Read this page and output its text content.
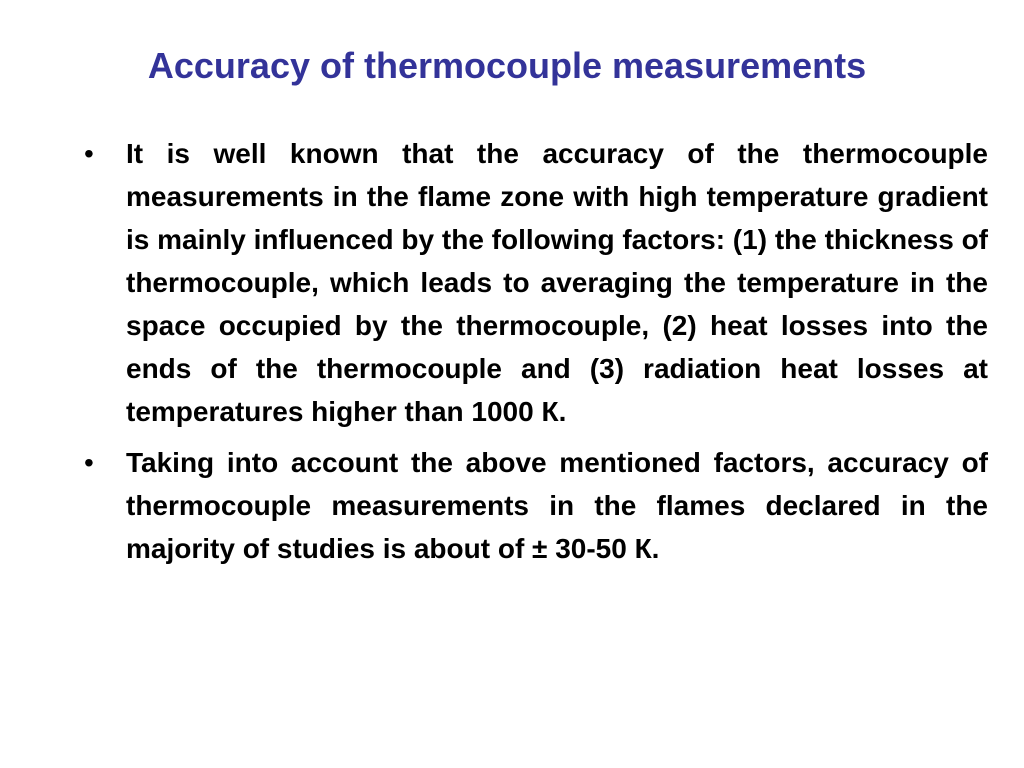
Accuracy of thermocouple measurements
•	It is well known that the accuracy of the thermocouple measurements in the flame zone with high temperature gradient is mainly influenced by the following factors: (1) the thickness of thermocouple, which leads to averaging the temperature in the space occupied by the thermocouple, (2) heat losses into the ends of the thermocouple and (3) radiation heat losses at temperatures higher than 1000 К.
•	Taking into account the above mentioned factors, accuracy of thermocouple measurements in the flames declared in the majority of studies is about of ± 30-50 К.
